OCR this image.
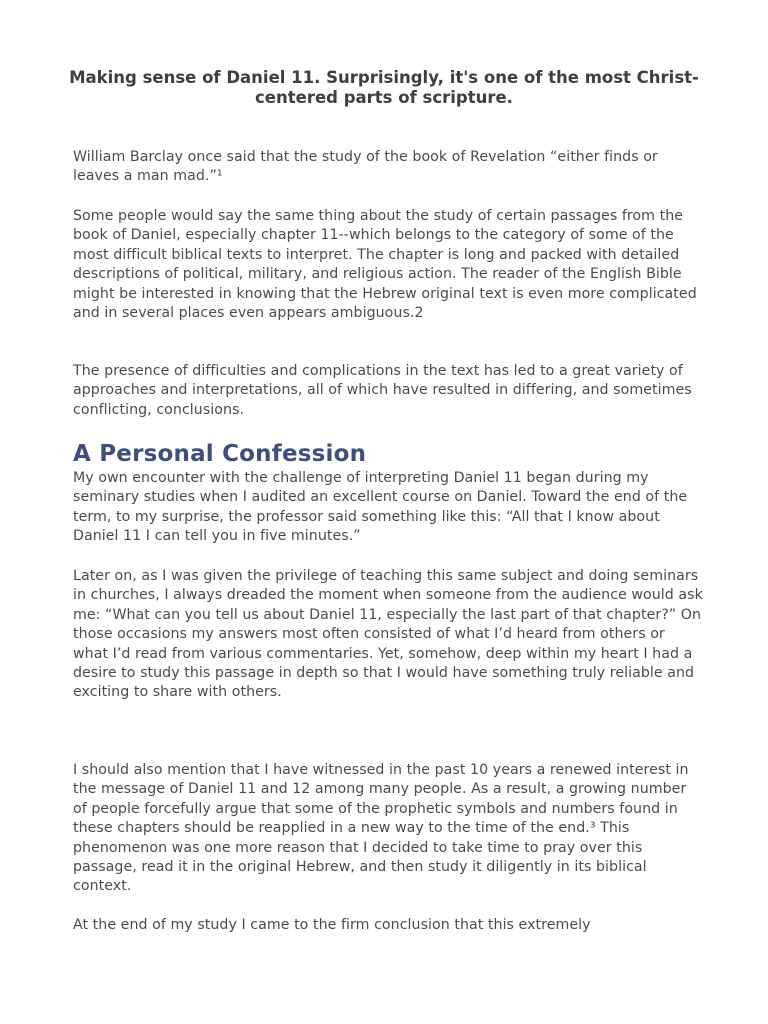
Making sense of Daniel 11. Surprisingly, it's one of the most Christ- centered parts of scripture.

William Barclay once said that the study of the book of Revelation “either finds or leaves a man mad.”¹

Some people would say the same thing about the study of certain passages from the book of Daniel, especially chapter 11--which belongs to the category of some of the most difficult biblical texts to interpret. The chapter is long and packed with detailed descriptions of political, military, and religious action. The reader of the English Bible might be interested in knowing that the Hebrew original text is even more complicated and in several places even appears ambiguous.2

The presence of difficulties and complications in the text has led to a great variety of approaches and interpretations, all of which have resulted in differing, and sometimes conflicting, conclusions.

A Personal Confession

My own encounter with the challenge of interpreting Daniel 11 began during my seminary studies when I audited an excellent course on Daniel. Toward the end of the term, to my surprise, the professor said something like this: “All that I know about Daniel 11 I can tell you in five minutes.”

Later on, as I was given the privilege of teaching this same subject and doing seminars in churches, I always dreaded the moment when someone from the audience would ask me: “What can you tell us about Daniel 11, especially the last part of that chapter?” On those occasions my answers most often consisted of what I’d heard from others or what I’d read from various commentaries. Yet, somehow, deep within my heart I had a desire to study this passage in depth so that I would have something truly reliable and exciting to share with others.

I should also mention that I have witnessed in the past 10 years a renewed interest in the message of Daniel 11 and 12 among many people. As a result, a growing number of people forcefully argue that some of the prophetic symbols and numbers found in these chapters should be reapplied in a new way to the time of the end.³ This phenomenon was one more reason that I decided to take time to pray over this passage, read it in the original Hebrew, and then study it diligently in its biblical context.

At the end of my study I came to the firm conclusion that this extremely
